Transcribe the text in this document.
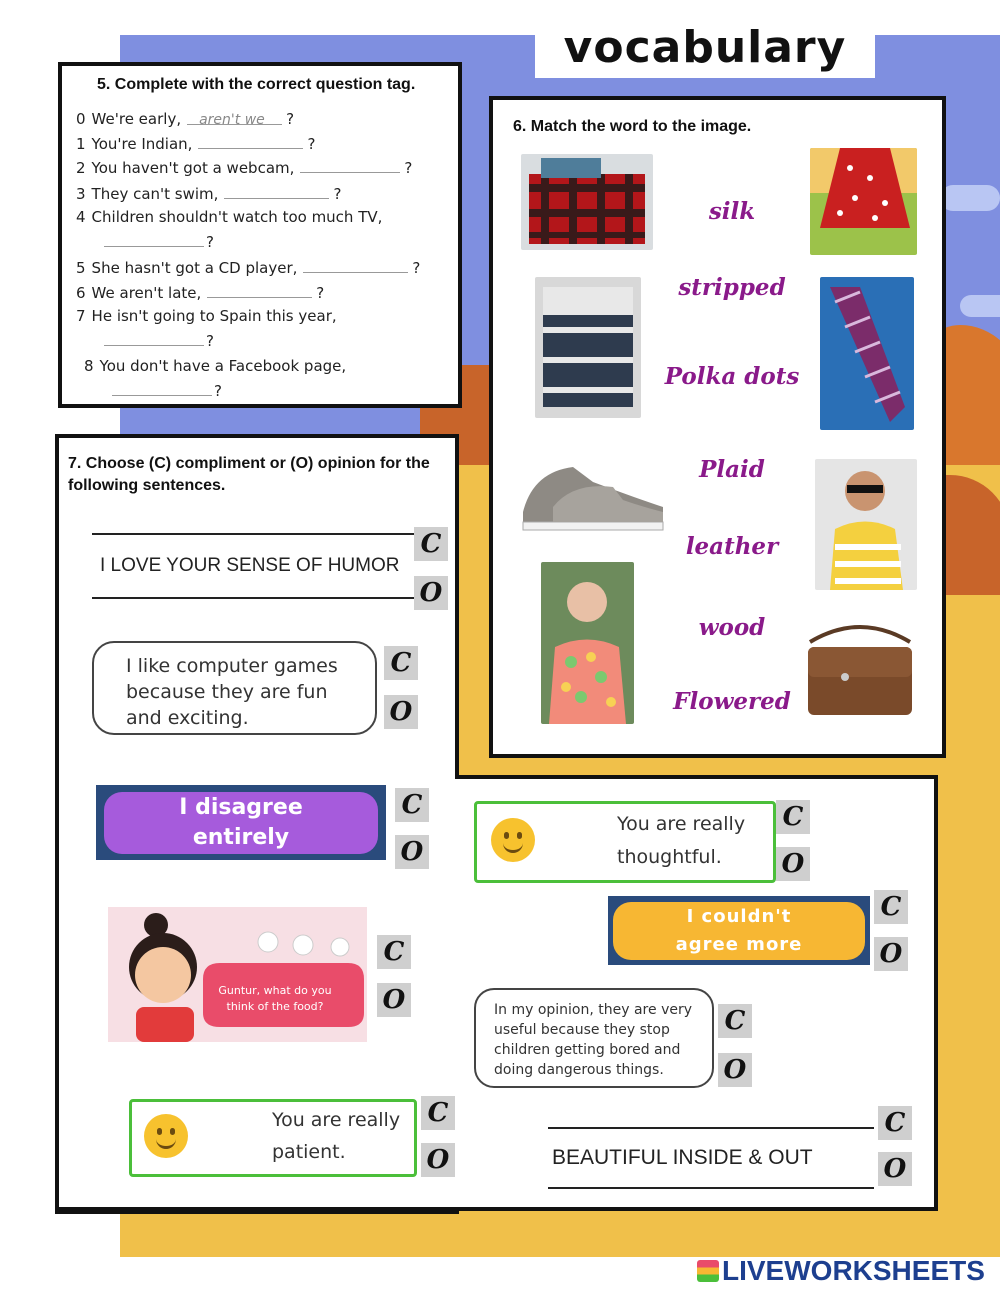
vocabulary
5. Complete with the correct question tag.
0 We're early, aren't we ?
1 You're Indian,	?
2 You haven't got a webcam,	?
3 They can't swim,	?
?
4 Children shouldn't watch too much TV,
5 She hasn't got a CD player,	?
6 We aren't late,	?
?
7 He isn't going to Spain this year,
?
8 You don't have a Facebook page,
6. Match the word to the image.
silk
stripped
Polka dots
Plaid
leather
wood
Flowered
7. Choose (C) compliment or (O) opinion for the following sentences.
I LOVE YOUR SENSE OF HUMOR
C
O
I like computer games because they are fun and exciting.
C
O
I disagree entirely
C
O
You are really thoughtful.
C
O
I couldn't agree more
C
O
Guntur, what do you think of the food?
C
O	In my opinion, they are very useful because they stop children getting bored and doing dangerous things.
C
O
You are really patient.
C
O	BEAUTIFUL INSIDE & OUT
C
O
LIVEWORKSHEETS
